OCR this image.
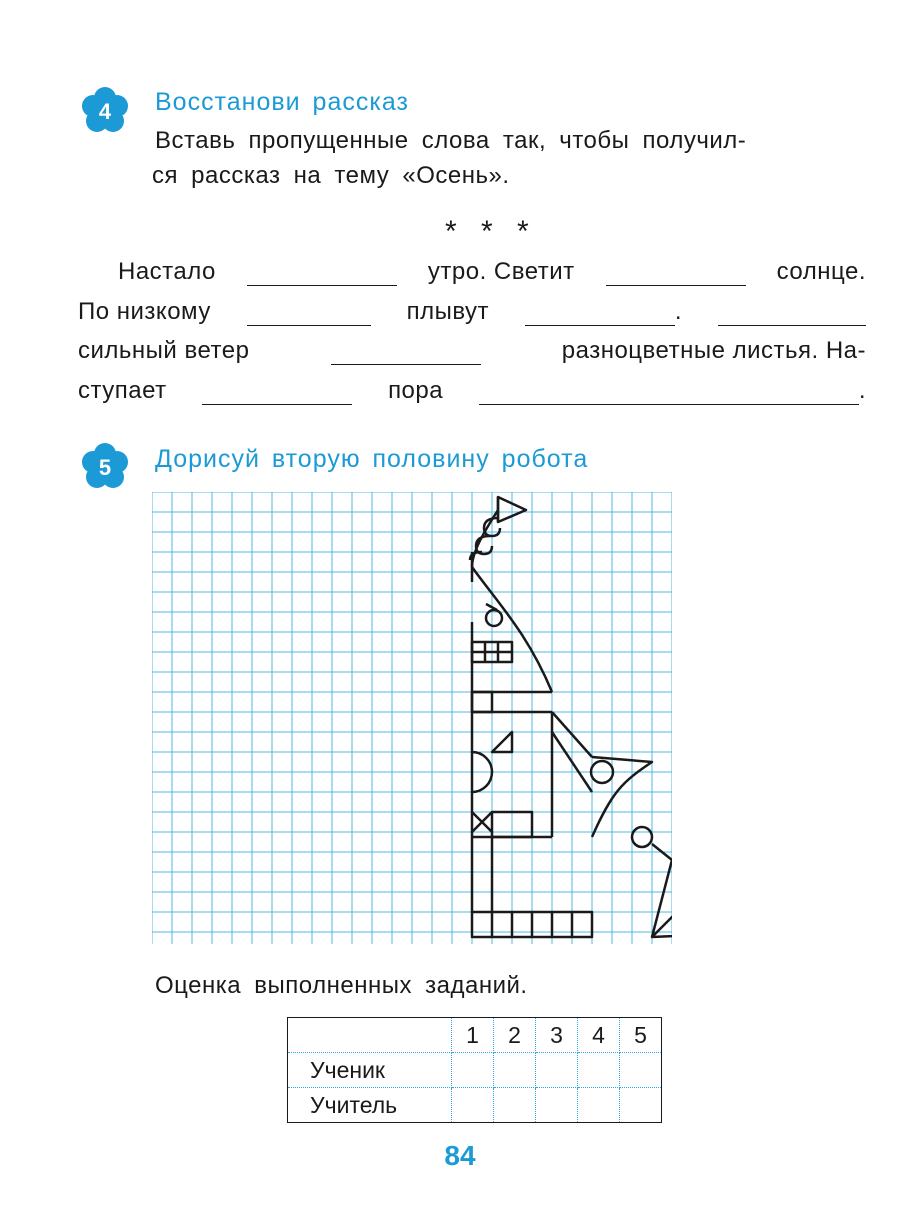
4 Восстанови рассказ
Вставь пропущенные слова так, чтобы получил-
ся рассказ на тему «Осень».
* * *
Настало	утро. Светит	солнце.
По низкому	плывут	.
сильный ветер	разноцветные листья. На-
ступает	пора	.
5 Дорисуй вторую половину робота
Оценка выполненных заданий.
	1	2	3	4	5
Ученик					
Учитель					
84
